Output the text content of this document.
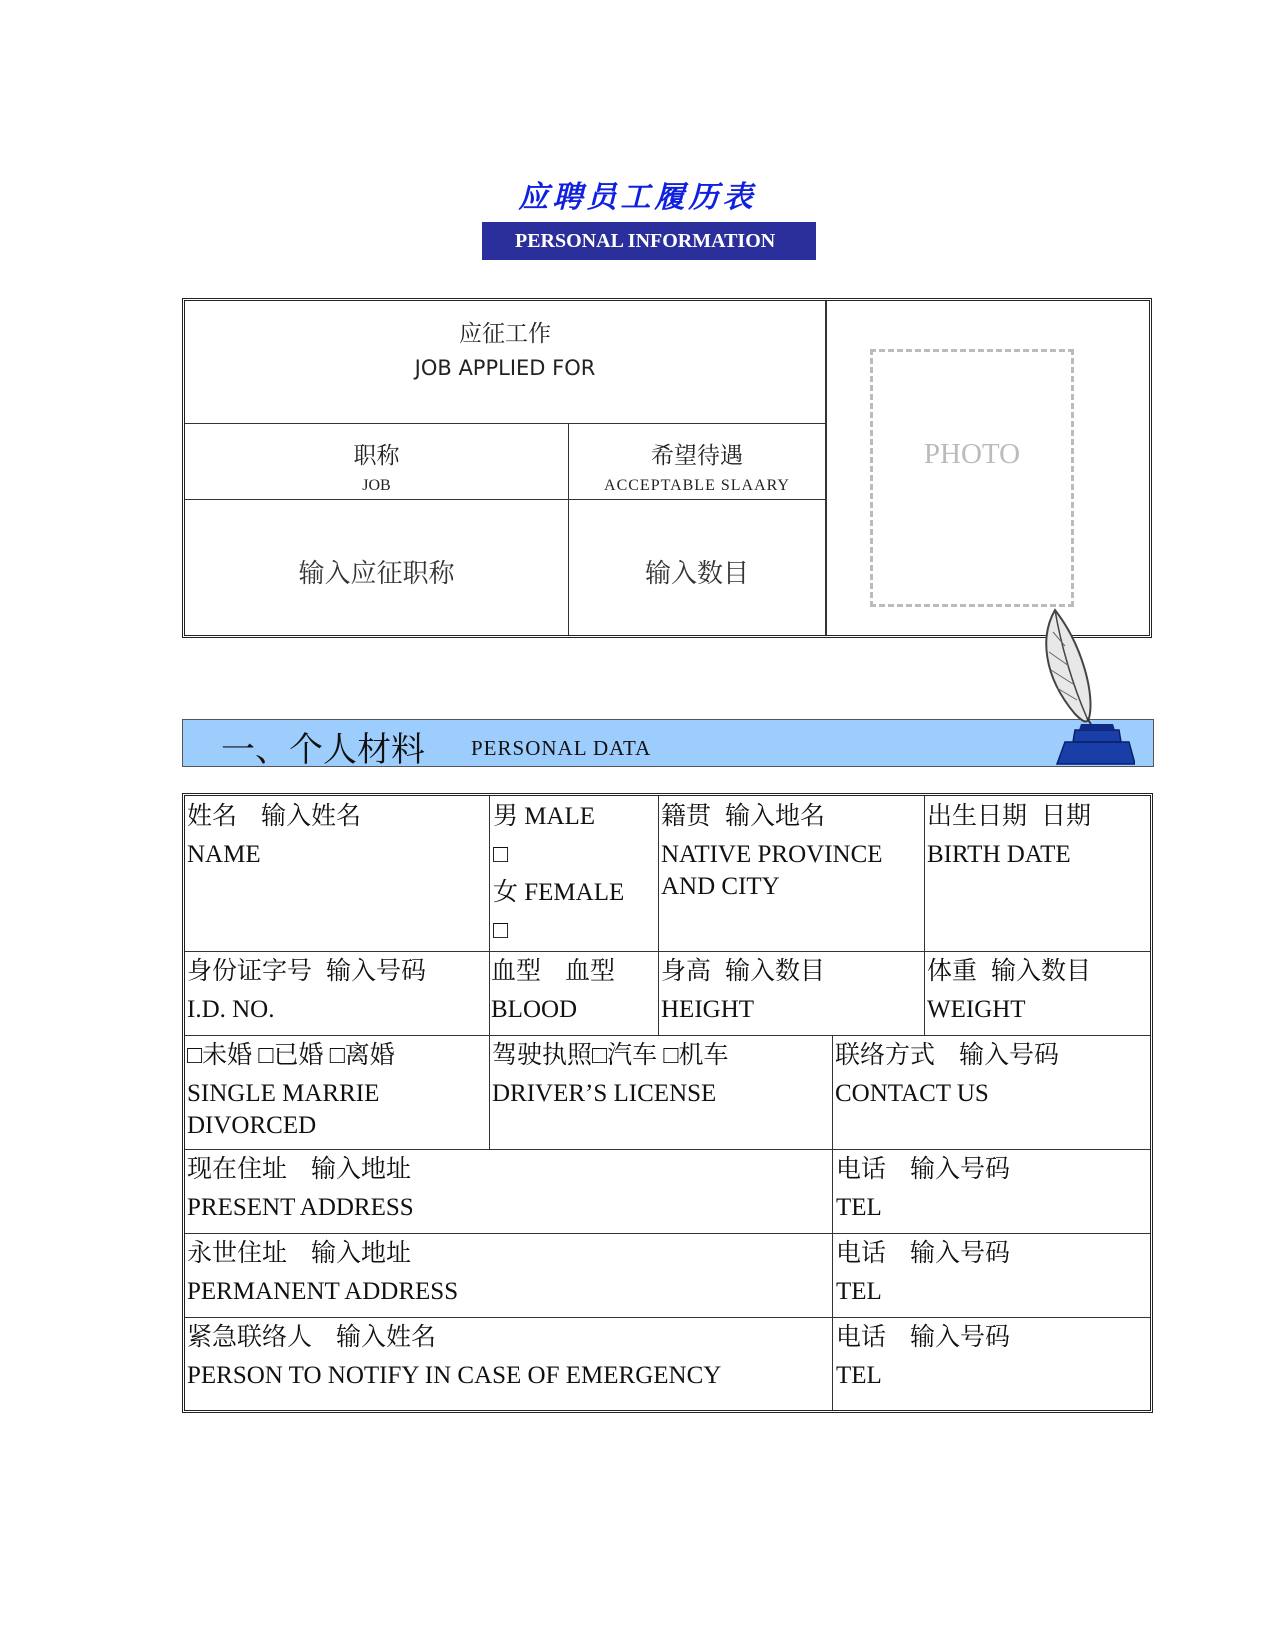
应聘员工履历表
PERSONAL INFORMATION
应征工作
JOB APPLIED FOR
职称
JOB
希望待遇
ACCEPTABLE SLAARY
输入应征职称	输入数目
PHOTO
一、个人材料 PERSONAL DATA
姓名 输入姓名
NAME
男 MALE
□
女 FEMALE
□
籍贯 输入地名
NATIVE PROVINCE
AND CITY
出生日期 日期
BIRTH DATE
身份证字号 输入号码
I.D. NO.
血型 血型
BLOOD
身高 输入数目
HEIGHT
体重 输入数目
WEIGHT
□未婚 □已婚 □离婚
SINGLE MARRIE
DIVORCED
驾驶执照□汽车 □机车
DRIVER’S LICENSE
联络方式 输入号码
CONTACT US
现在住址 输入地址
PRESENT ADDRESS
电话 输入号码
TEL
永世住址 输入地址
PERMANENT ADDRESS
电话 输入号码
TEL
紧急联络人 输入姓名
PERSON TO NOTIFY IN CASE OF EMERGENCY
电话 输入号码
TEL
